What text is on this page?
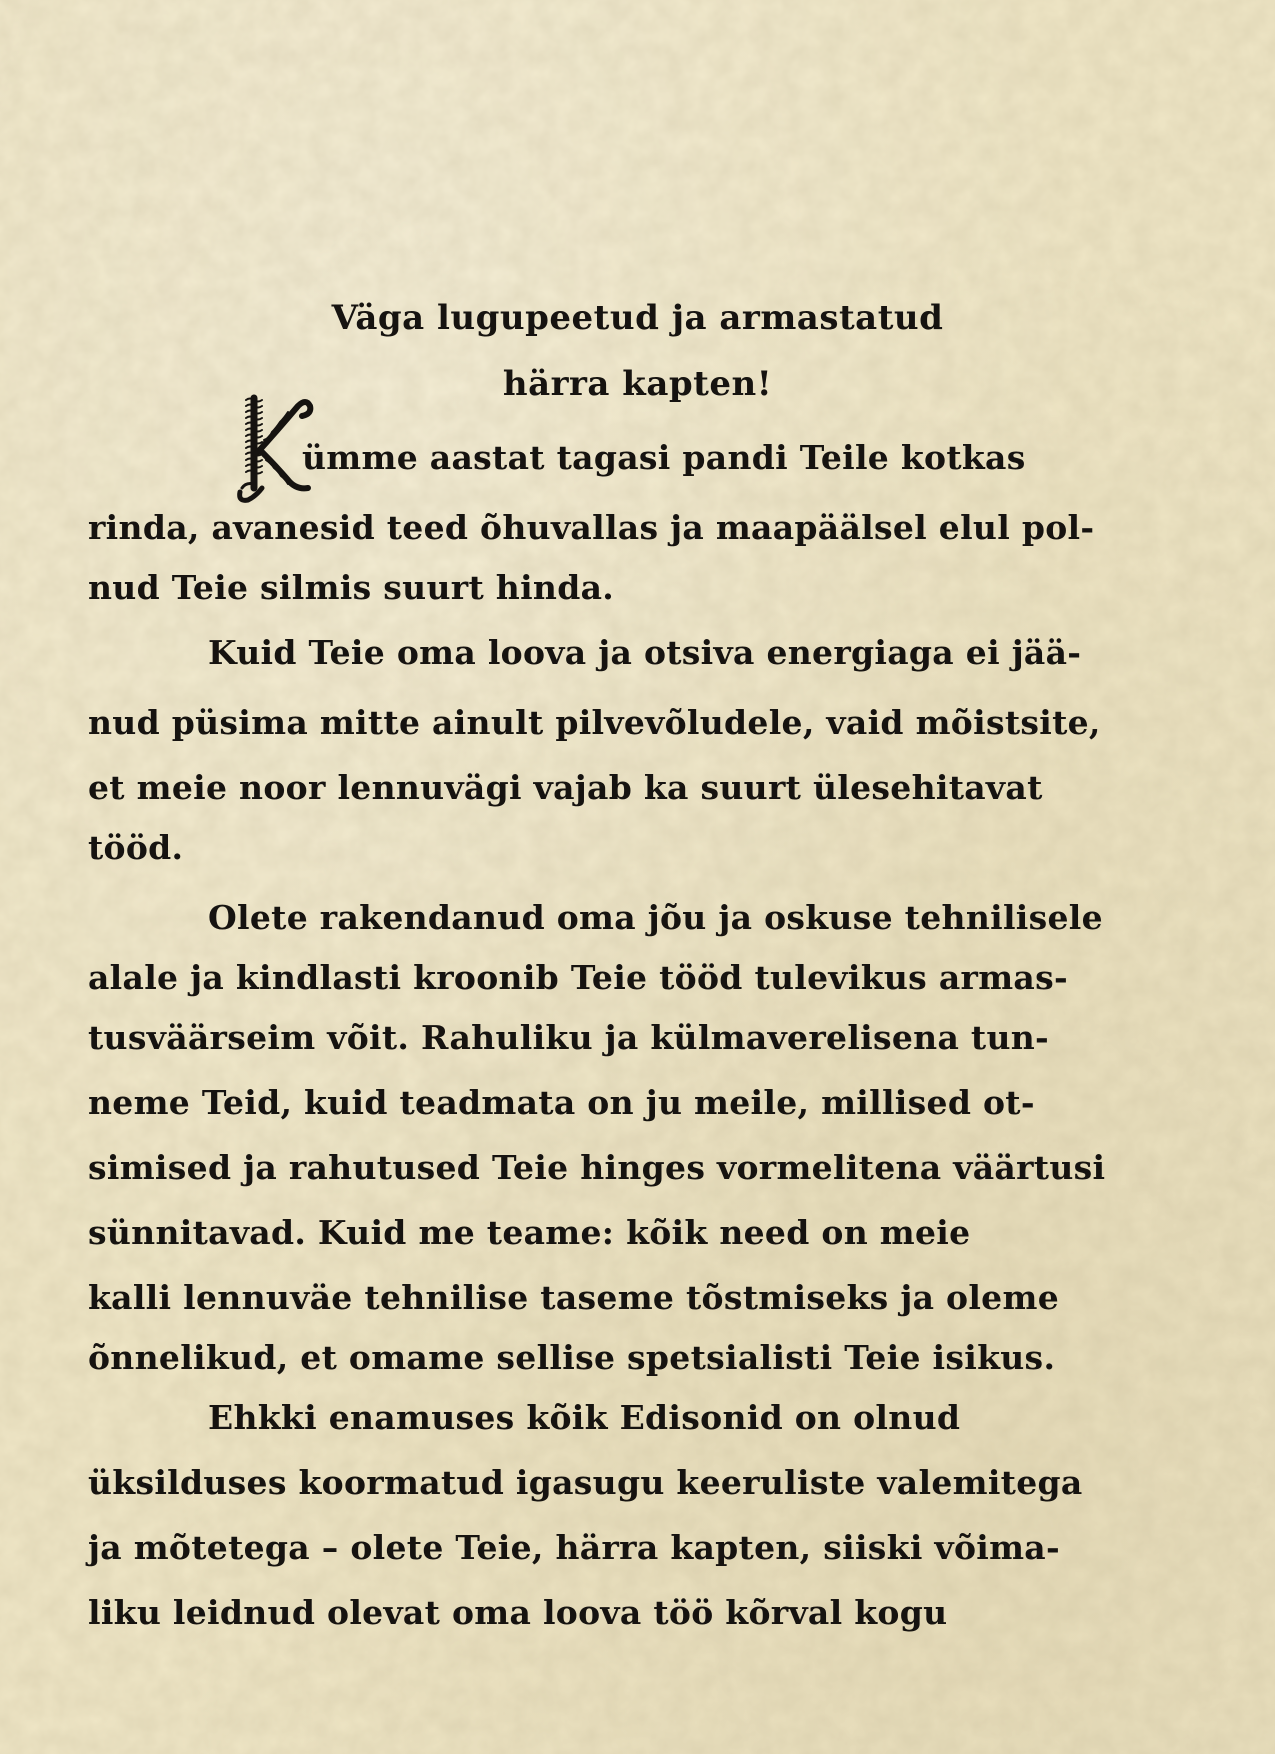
Väga lugupeetud ja armastatud
härra kapten!
ümme aastat tagasi pandi Teile kotkas
rinda, avanesid teed õhuvallas ja maapäälsel elul pol-
nud Teie silmis suurt hinda.
Kuid Teie oma loova ja otsiva energiaga ei jää-
nud püsima mitte ainult pilvevõludele, vaid mõistsite,
et meie noor lennuvägi vajab ka suurt ülesehitavat
tööd.
Olete rakendanud oma jõu ja oskuse tehnilisele
alale ja kindlasti kroonib Teie tööd tulevikus armas-
tusväärseim võit. Rahuliku ja külmaverelisena tun-
neme Teid, kuid teadmata on ju meile, millised ot-
simised ja rahutused Teie hinges vormelitena väärtusi
sünnitavad. Kuid me teame: kõik need on meie
kalli lennuväe tehnilise taseme tõstmiseks ja oleme
õnnelikud, et omame sellise spetsialisti Teie isikus.
Ehkki enamuses kõik Edisonid on olnud
üksilduses koormatud igasugu keeruliste valemitega
ja mõtetega – olete Teie, härra kapten, siiski võima-
liku leidnud olevat oma loova töö kõrval kogu
